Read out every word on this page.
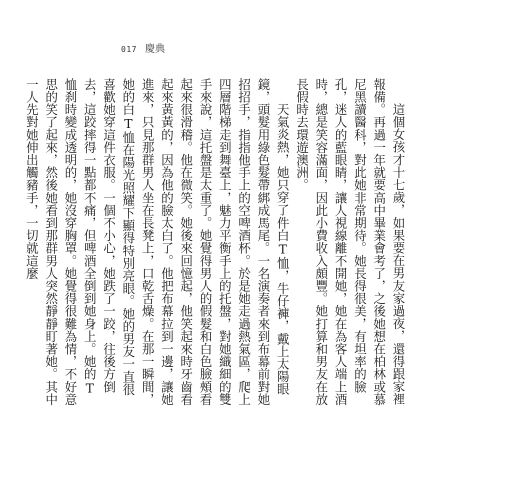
017 慶典

這個女孩才十七歲，如果要在男友家過夜，還得跟家裡報備。再過一年就要高中畢業會考了，之後她想在柏林或慕尼黑讀醫科，對此她非常期待。她長得很美，有坦率的臉孔，迷人的藍眼睛，讓人視線離不開她，她在為客人端上酒時，總是笑容滿面，因此小費收入頗豐。她打算和男友在放長假時去環遊澳洲。

天氣炎熱，她只穿了件白T恤，牛仔褲，戴上太陽眼鏡，頭髮用綠色髮帶綁成馬尾。一名演奏者來到布幕前對她招招手，指指他手上的空啤酒杯。於是她走過熱氣區，爬上四層階梯走到舞臺上，魅力平衡手上的托盤，對她織細的雙手來說，這托盤是太重了。她覺得男人的假髮和白色臉頰看起來很滑稽。他在微笑。她後來回憶起，他笑起來時牙齒看起來黃黃的，因為他的臉太白了。他把布幕拉到一邊，讓她進來，只見那群男人坐在長凳上，口乾舌燥。在那一瞬間，她的白T恤在陽光照耀下顯得特別亮眼。她的男友一直很喜歡她穿這件衣服。一個不小心，她跌了一跤，往後方倒去，這跤摔得一點都不痛，但啤酒全倒到她身上。她的T恤刹時變成透明的，她沒穿胸罩。她覺得很難為情，不好意思的笑了起來，然後她看到那群男人突然靜靜盯著她。其中一人先對她伸出觸豬手，一切就這麼
